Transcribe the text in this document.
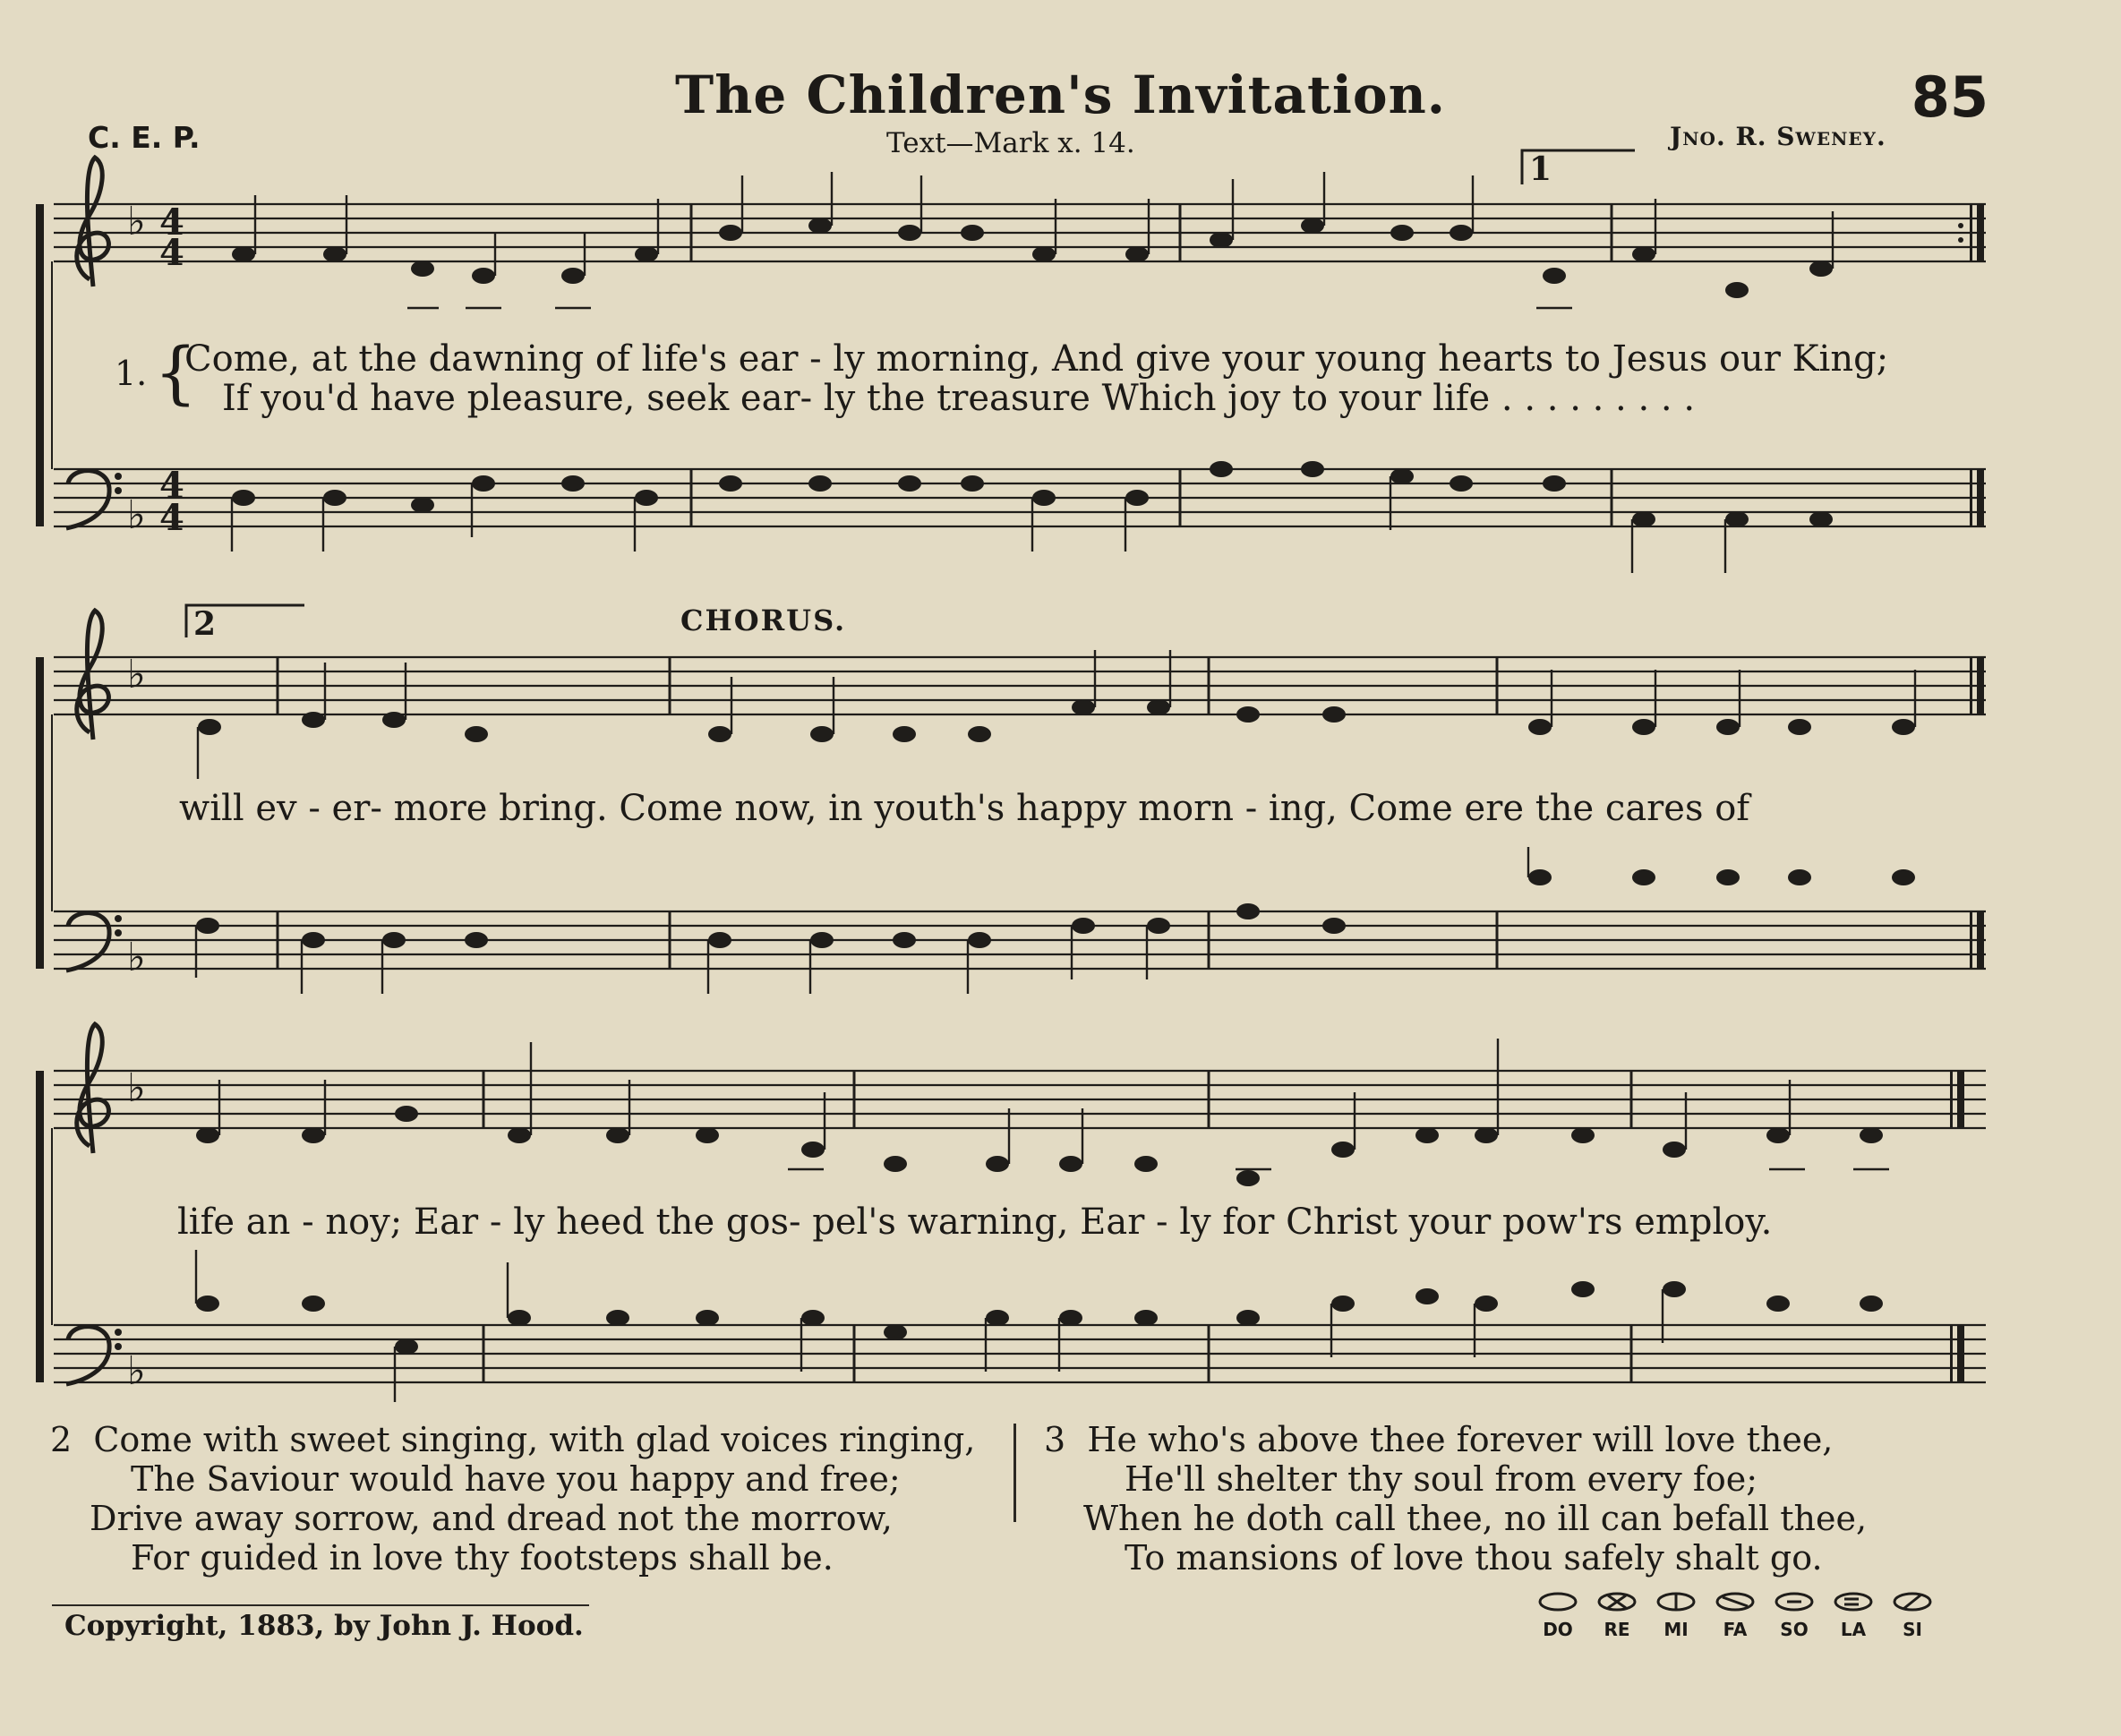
The Children's Invitation.	85
C. E. P.	Text—Mark x. 14.	Jno. R. Sweney.
♭ 4
4
♭
4
4
♭
♭
♭
♭
1
2	CHORUS.
1. {
Come, at the dawning of life's ear - ly morning, And give your young hearts to Jesus our King;
If you'd have pleasure, seek ear- ly the treasure Which joy to your life . . . . . . . . .
will ev - er- more bring. Come now, in youth's happy morn - ing, Come ere the cares of
life an - noy; Ear - ly heed the gos- pel's warning, Ear - ly for Christ your pow'rs employ.
2 Come with sweet singing, with glad voices ringing,
The Saviour would have you happy and free;
Drive away sorrow, and dread not the morrow,
For guided in love thy footsteps shall be.
3 He who's above thee forever will love thee,
He'll shelter thy soul from every foe;
When he doth call thee, no ill can befall thee,
To mansions of love thou safely shalt go.
Copyright, 1883, by John J. Hood.	DO	RE	MI	FA	SO	LA	SI
